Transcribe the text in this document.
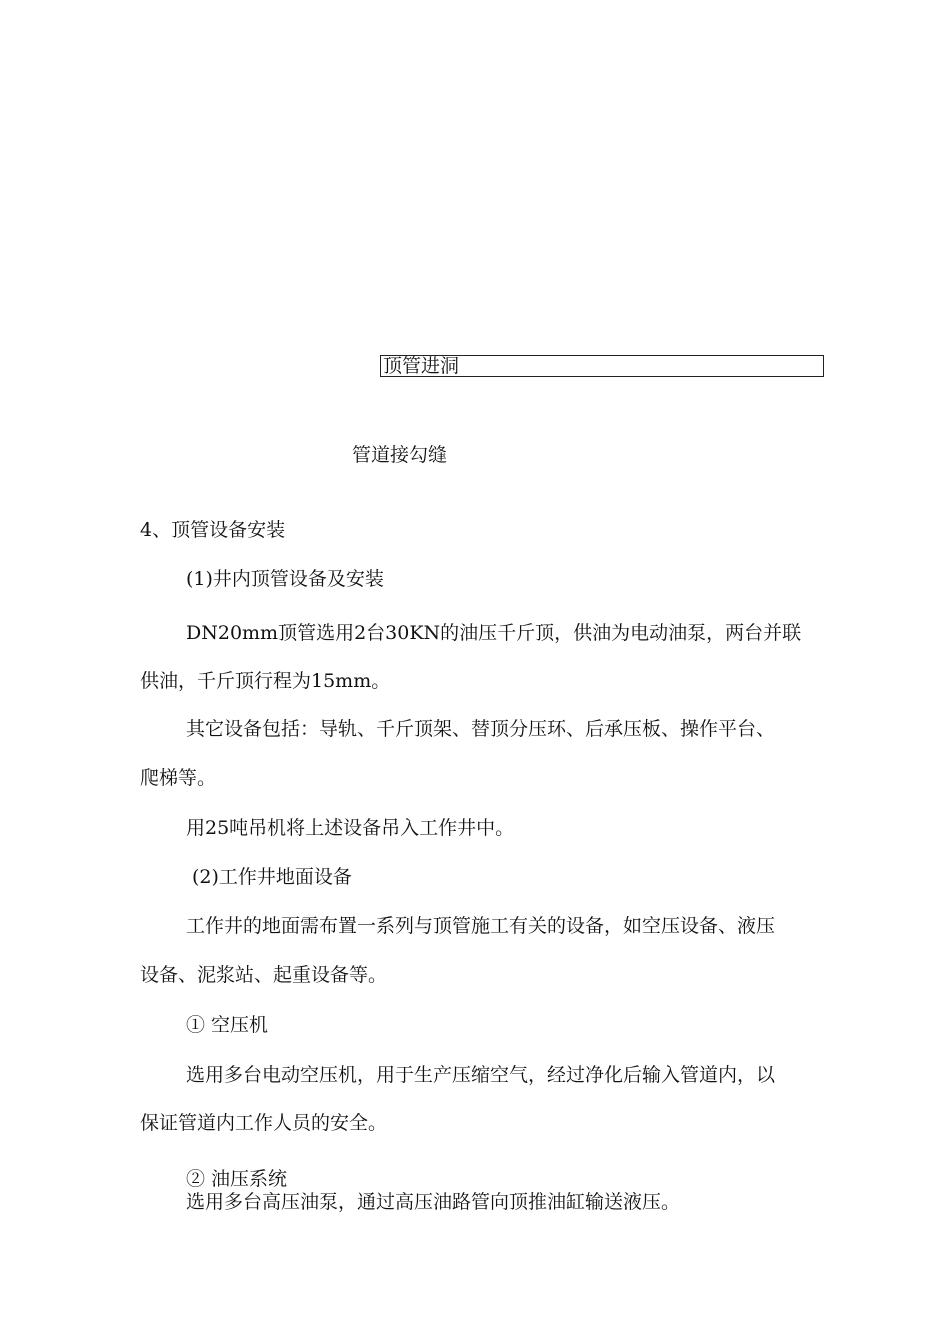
顶管进洞
管道接勾缝
4、顶管设备安装
(1)井内顶管设备及安装
DN20mm顶管选用2台30KN的油压千斤顶，供油为电动油泵，两台并联
供油，千斤顶行程为15mm。
其它设备包括：导轨、千斤顶架、替顶分压环、后承压板、操作平台、
爬梯等。
用25吨吊机将上述设备吊入工作井中。
(2)工作井地面设备
工作井的地面需布置一系列与顶管施工有关的设备，如空压设备、液压
设备、泥浆站、起重设备等。
① 空压机
选用多台电动空压机，用于生产压缩空气，经过净化后输入管道内，以
保证管道内工作人员的安全。
② 油压系统
选用多台高压油泵，通过高压油路管向顶推油缸输送液压。
